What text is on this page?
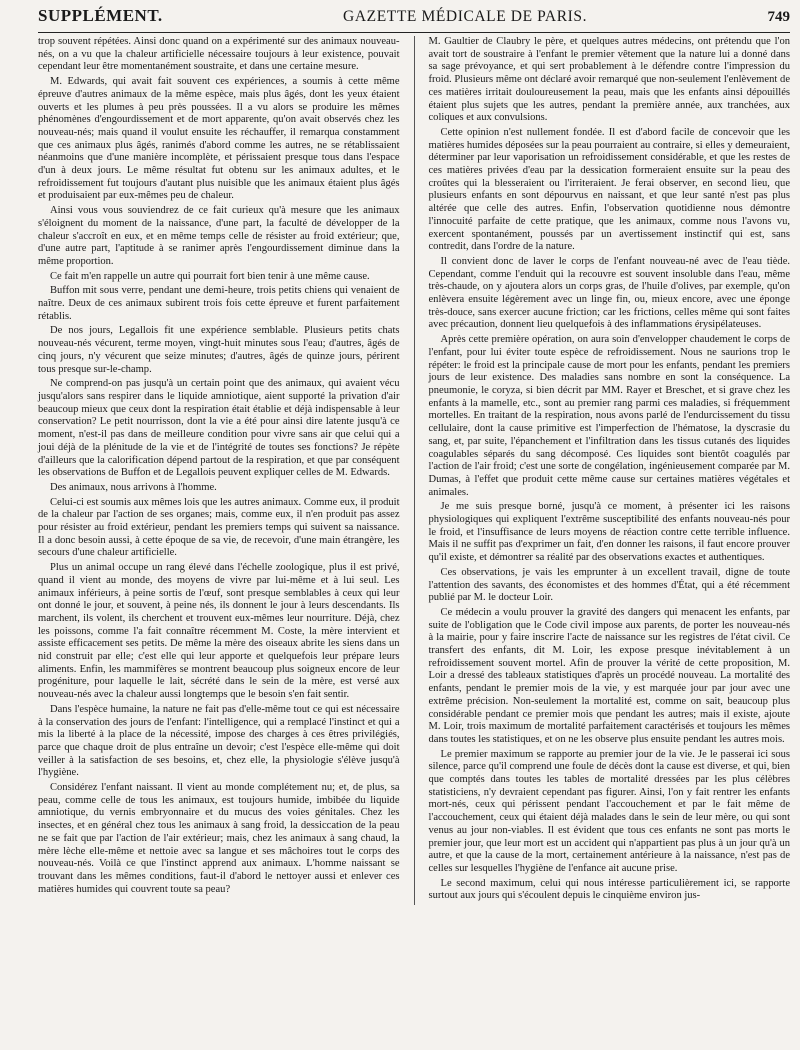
SUPPLÉMENT.	GAZETTE MÉDICALE DE PARIS.	749

trop souvent répétées. Ainsi donc quand on a expérimenté sur des animaux nouveau-nés, on a vu que la chaleur artificielle nécessaire toujours à leur existence, pouvait cependant leur être momentanément soustraite, et dans une certaine mesure.

M. Edwards, qui avait fait souvent ces expériences, a soumis à cette même épreuve d'autres animaux de la même espèce, mais plus âgés, dont les yeux étaient ouverts et les plumes à peu près poussées. Il a vu alors se produire les mêmes phénomènes d'engourdissement et de mort apparente, qu'on avait observés chez les nouveau-nés; mais quand il voulut ensuite les réchauffer, il remarqua constamment que ces animaux plus âgés, ranimés d'abord comme les autres, ne se rétablissaient néanmoins que d'une manière incomplète, et périssaient presque tous dans l'espace d'un à deux jours. Le même résultat fut obtenu sur les animaux adultes, et le refroidissement fut toujours d'autant plus nuisible que les animaux étaient plus âgés et produisaient par eux-mêmes peu de chaleur.

Ainsi vous vous souviendrez de ce fait curieux qu'à mesure que les animaux s'éloignent du moment de la naissance, d'une part, la faculté de développer de la chaleur s'accroît en eux, et en même temps celle de résister au froid extérieur; que, d'une autre part, l'aptitude à se ranimer après l'engourdissement diminue dans la même proportion.

Ce fait m'en rappelle un autre qui pourrait fort bien tenir à une même cause.

Buffon mit sous verre, pendant une demi-heure, trois petits chiens qui venaient de naître. Deux de ces animaux subirent trois fois cette épreuve et furent parfaitement rétablis.

De nos jours, Legallois fit une expérience semblable. Plusieurs petits chats nouveau-nés vécurent, terme moyen, vingt-huit minutes sous l'eau; d'autres, âgés de cinq jours, n'y vécurent que seize minutes; d'autres, âgés de quinze jours, périrent tous presque sur-le-champ.

Ne comprend-on pas jusqu'à un certain point que des animaux, qui avaient vécu jusqu'alors sans respirer dans le liquide amniotique, aient supporté la privation d'air beaucoup mieux que ceux dont la respiration était établie et déjà indispensable à leur conservation? Le petit nourrisson, dont la vie a été pour ainsi dire latente jusqu'à ce moment, n'est-il pas dans de meilleure condition pour vivre sans air que celui qui a joui déjà de la plénitude de la vie et de l'intégrité de toutes ses fonctions? Je répète d'ailleurs que la calorification dépend partout de la respiration, et que par conséquent les observations de Buffon et de Legallois peuvent expliquer celles de M. Edwards.

Des animaux, nous arrivons à l'homme.

Celui-ci est soumis aux mêmes lois que les autres animaux. Comme eux, il produit de la chaleur par l'action de ses organes; mais, comme eux, il n'en produit pas assez pour résister au froid extérieur, pendant les premiers temps qui suivent sa naissance. Il a donc besoin aussi, à cette époque de sa vie, de recevoir, d'une main étrangère, les secours d'une chaleur artificielle.

Plus un animal occupe un rang élevé dans l'échelle zoologique, plus il est privé, quand il vient au monde, des moyens de vivre par lui-même et à lui seul. Les animaux inférieurs, à peine sortis de l'œuf, sont presque semblables à ceux qui leur ont donné le jour, et souvent, à peine nés, ils donnent le jour à leurs descendants. Ils marchent, ils volent, ils cherchent et trouvent eux-mêmes leur nourriture. Déjà, chez les poissons, comme l'a fait connaître récemment M. Coste, la mère intervient et assiste efficacement ses petits. De même la mère des oiseaux abrite les siens dans un nid construit par elle; c'est elle qui leur apporte et quelquefois leur prépare leurs aliments. Enfin, les mammifères se montrent beaucoup plus soigneux encore de leur progéniture, pour laquelle le lait, sécrété dans le sein de la mère, est versé aux nouveau-nés avec la chaleur aussi longtemps que le besoin s'en fait sentir.

Dans l'espèce humaine, la nature ne fait pas d'elle-même tout ce qui est nécessaire à la conservation des jours de l'enfant: l'intelligence, qui a remplacé l'instinct et qui a mis la liberté à la place de la nécessité, impose des charges à ces êtres privilégiés, parce que chaque droit de plus entraîne un devoir; c'est l'espèce elle-même qui doit veiller à la satisfaction de ses besoins, et, chez elle, la physiologie s'élève jusqu'à l'hygiène.

Considérez l'enfant naissant. Il vient au monde complétement nu; et, de plus, sa peau, comme celle de tous les animaux, est toujours humide, imbibée du liquide amniotique, du vernis embryonnaire et du mucus des voies génitales. Chez les insectes, et en général chez tous les animaux à sang froid, la dessiccation de la peau ne se fait que par l'action de l'air extérieur; mais, chez les animaux à sang chaud, la mère lèche elle-même et nettoie avec sa langue et ses mâchoires tout le corps des nouveau-nés. Voilà ce que l'instinct apprend aux animaux. L'homme naissant se trouvant dans les mêmes conditions, faut-il d'abord le nettoyer aussi et enlever ces matières humides qui couvrent toute sa peau?

M. Gaultier de Claubry le père, et quelques autres médecins, ont prétendu que l'on avait tort de soustraire à l'enfant le premier vêtement que la nature lui a donné dans sa sage prévoyance, et qui sert probablement à le défendre contre l'impression du froid. Plusieurs même ont déclaré avoir remarqué que non-seulement l'enlèvement de ces matières irritait douloureusement la peau, mais que les enfants ainsi dépouillés étaient plus sujets que les autres, pendant la première année, aux tranchées, aux coliques et aux convulsions.

Cette opinion n'est nullement fondée. Il est d'abord facile de concevoir que les matières humides déposées sur la peau pourraient au contraire, si elles y demeuraient, déterminer par leur vaporisation un refroidissement considérable, et que les restes de ces matières privées d'eau par la dessication formeraient ensuite sur la peau des croûtes qui la blesseraient ou l'irriteraient. Je ferai observer, en second lieu, que plusieurs enfants en sont dépourvus en naissant, et que leur santé n'est pas plus altérée que celle des autres. Enfin, l'observation quotidienne nous démontre l'innocuité parfaite de cette pratique, que les animaux, comme nous l'avons vu, exercent spontanément, poussés par un avertissement instinctif qui est, sans contredit, dans l'ordre de la nature.

Il convient donc de laver le corps de l'enfant nouveau-né avec de l'eau tiède. Cependant, comme l'enduit qui la recouvre est souvent insoluble dans l'eau, même très-chaude, on y ajoutera alors un corps gras, de l'huile d'olives, par exemple, qu'on enlèvera ensuite légèrement avec un linge fin, ou, mieux encore, avec une éponge très-douce, sans exercer aucune friction; car les frictions, celles même qui sont faites avec précaution, donnent lieu quelquefois à des inflammations érysipélateuses.

Après cette première opération, on aura soin d'envelopper chaudement le corps de l'enfant, pour lui éviter toute espèce de refroidissement. Nous ne saurions trop le répéter: le froid est la principale cause de mort pour les enfants, pendant les premiers jours de leur existence. Des maladies sans nombre en sont la conséquence. La pneumonie, le coryza, si bien décrit par MM. Rayer et Breschet, et si grave chez les enfants à la mamelle, etc., sont au premier rang parmi ces maladies, si fréquemment mortelles. En traitant de la respiration, nous avons parlé de l'endurcissement du tissu cellulaire, dont la cause primitive est l'imperfection de l'hématose, la dyscrasie du sang, et, par suite, l'épanchement et l'infiltration dans les tissus cutanés des liquides coagulables séparés du sang décomposé. Ces liquides sont bientôt coagulés par l'action de l'air froid; c'est une sorte de congélation, ingénieusement comparée par M. Dumas, à l'effet que produit cette même cause sur certaines matières végétales et animales.

Je me suis presque borné, jusqu'à ce moment, à présenter ici les raisons physiologiques qui expliquent l'extrême susceptibilité des enfants nouveau-nés pour le froid, et l'insuffisance de leurs moyens de réaction contre cette terrible influence. Mais il ne suffit pas d'exprimer un fait, d'en donner les raisons, il faut encore prouver qu'il existe, et démontrer sa réalité par des observations exactes et authentiques.

Ces observations, je vais les emprunter à un excellent travail, digne de toute l'attention des savants, des économistes et des hommes d'État, qui a été récemment publié par M. le docteur Loir.

Ce médecin a voulu prouver la gravité des dangers qui menacent les enfants, par suite de l'obligation que le Code civil impose aux parents, de porter les nouveau-nés à la mairie, pour y faire inscrire l'acte de naissance sur les registres de l'état civil. Ce transfert des enfants, dit M. Loir, les expose presque inévitablement à un refroidissement souvent mortel. Afin de prouver la vérité de cette proposition, M. Loir a dressé des tableaux statistiques d'après un procédé nouveau. La mortalité des enfants, pendant le premier mois de la vie, y est marquée jour par jour avec une extrême précision. Non-seulement la mortalité est, comme on sait, beaucoup plus considérable pendant ce premier mois que pendant les autres; mais il existe, ajoute M. Loir, trois maximum de mortalité parfaitement caractérisés et toujours les mêmes dans toutes les statistiques, et on ne les observe plus ensuite pendant les autres mois.

Le premier maximum se rapporte au premier jour de la vie. Je le passerai ici sous silence, parce qu'il comprend une foule de décès dont la cause est diverse, et qui, bien que comptés dans toutes les tables de mortalité dressées par les plus célèbres statisticiens, n'y devraient cependant pas figurer. Ainsi, l'on y fait rentrer les enfants mort-nés, ceux qui périssent pendant l'accouchement et par le fait même de l'accouchement, ceux qui étaient déjà malades dans le sein de leur mère, ou qui sont venus au jour non-viables. Il est évident que tous ces enfants ne sont pas morts le premier jour, que leur mort est un accident qui n'appartient pas plus à un jour qu'à un autre, et que la cause de la mort, certainement antérieure à la naissance, n'est pas de celles sur lesquelles l'hygiène de l'enfance ait aucune prise.

Le second maximum, celui qui nous intéresse particulièrement ici, se rapporte surtout aux jours qui s'écoulent depuis le cinquième environ jus-
